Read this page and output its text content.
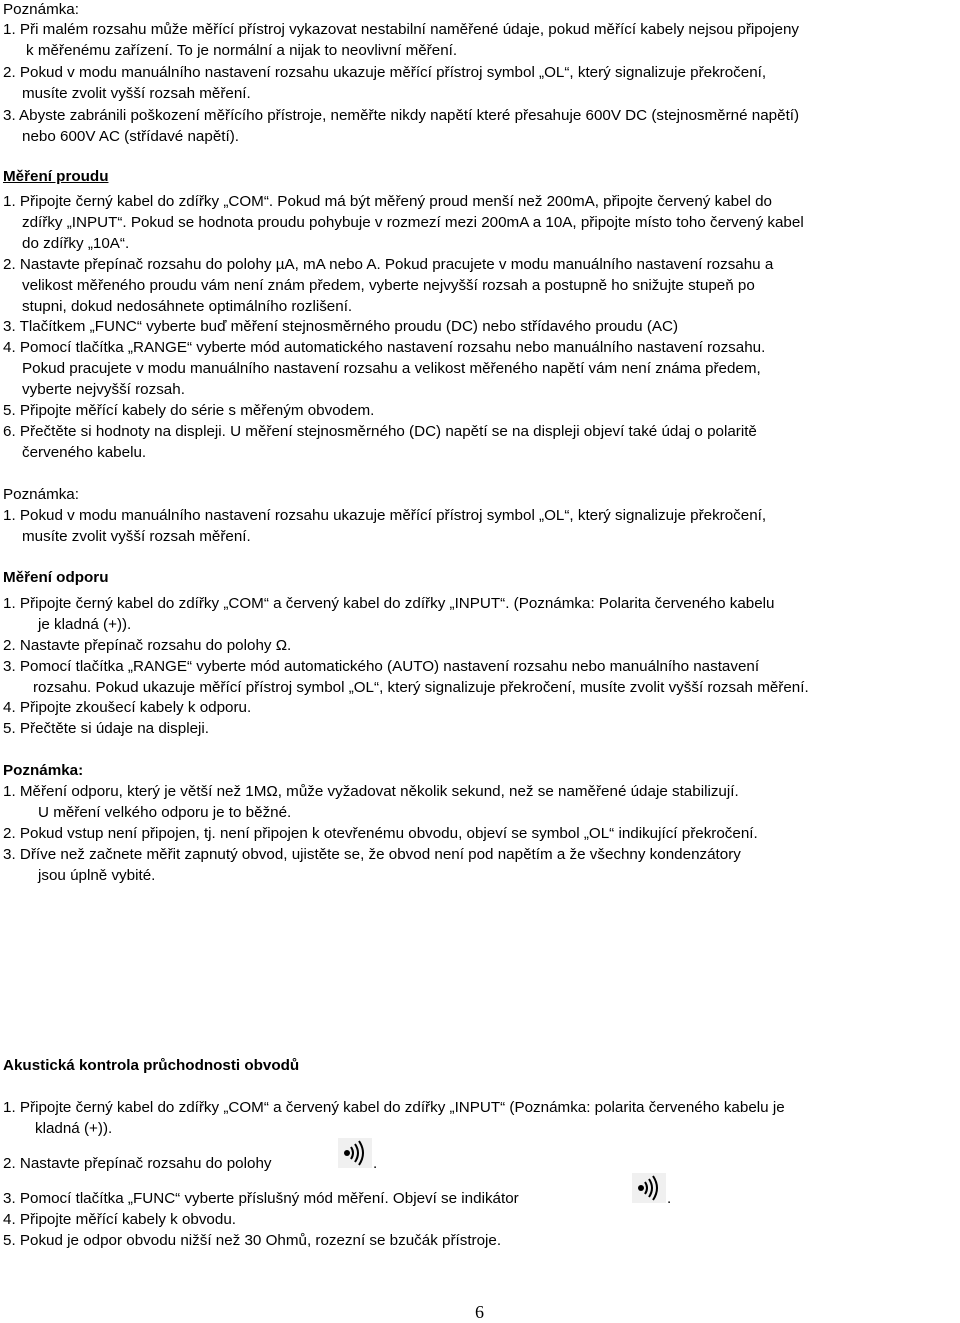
Poznámka:
1. Při malém rozsahu může měřící přístroj vykazovat nestabilní naměřené údaje, pokud měřící kabely nejsou připojeny
k měřenému zařízení. To je normální a nijak to neovlivní měření.
2. Pokud v modu manuálního nastavení rozsahu ukazuje měřící přístroj symbol „OL“, který signalizuje překročení,
musíte zvolit vyšší rozsah měření.
3. Abyste zabránili poškození měřícího přístroje, neměřte nikdy napětí které přesahuje 600V DC (stejnosměrné napětí)
nebo 600V AC (střídavé napětí).
Měření proudu
1. Připojte černý kabel do zdířky „COM“. Pokud má být měřený proud menší než 200mA, připojte červený kabel do
zdířky „INPUT“. Pokud se hodnota proudu pohybuje v rozmezí mezi 200mA a 10A, připojte místo toho červený kabel
do zdířky „10A“.
2. Nastavte přepínač rozsahu do polohy µA, mA nebo A. Pokud pracujete v modu manuálního nastavení rozsahu a
velikost měřeného proudu vám není znám předem, vyberte nejvyšší rozsah a postupně ho snižujte stupeň po
stupni, dokud nedosáhnete optimálního rozlišení.
3. Tlačítkem „FUNC“ vyberte buď měření stejnosměrného proudu (DC) nebo střídavého proudu (AC)
4. Pomocí tlačítka „RANGE“ vyberte mód automatického nastavení rozsahu nebo manuálního nastavení rozsahu.
Pokud pracujete v modu manuálního nastavení rozsahu a velikost měřeného napětí vám není známa předem,
vyberte nejvyšší rozsah.
5. Připojte měřící kabely do série s měřeným obvodem.
6. Přečtěte si hodnoty na displeji. U měření stejnosměrného (DC) napětí se na displeji objeví také údaj o polaritě
červeného kabelu.
Poznámka:
1. Pokud v modu manuálního nastavení rozsahu ukazuje měřící přístroj symbol „OL“, který signalizuje překročení,
musíte zvolit vyšší rozsah měření.
Měření odporu
1. Připojte černý kabel do zdířky „COM“ a červený kabel do zdířky „INPUT“. (Poznámka: Polarita červeného kabelu
je kladná (+)).
2. Nastavte přepínač rozsahu do polohy Ω.
3. Pomocí tlačítka „RANGE“ vyberte mód automatického (AUTO) nastavení rozsahu nebo manuálního nastavení
rozsahu. Pokud ukazuje měřící přístroj symbol „OL“, který signalizuje překročení, musíte zvolit vyšší rozsah měření.
4. Připojte zkoušecí kabely k odporu.
5. Přečtěte si údaje na displeji.
Poznámka:
1. Měření odporu, který je větší než 1MΩ, může vyžadovat několik sekund, než se naměřené údaje stabilizují.
U měření velkého odporu je to běžné.
2. Pokud vstup není připojen, tj. není připojen k otevřenému obvodu, objeví se symbol „OL“ indikující překročení.
3. Dříve než začnete měřit zapnutý obvod, ujistěte se, že obvod není pod napětím a že všechny kondenzátory
jsou úplně vybité.
Akustická kontrola průchodnosti obvodů
1. Připojte černý kabel do zdířky „COM“ a červený kabel do zdířky „INPUT“ (Poznámka: polarita červeného kabelu je
kladná (+)).
2. Nastavte přepínač rozsahu do polohy	.
3. Pomocí tlačítka „FUNC“ vyberte příslušný mód měření. Objeví se indikátor	.
4. Připojte měřící kabely k obvodu.
5. Pokud je odpor obvodu nižší než 30 Ohmů, rozezní se bzučák přístroje.
6
